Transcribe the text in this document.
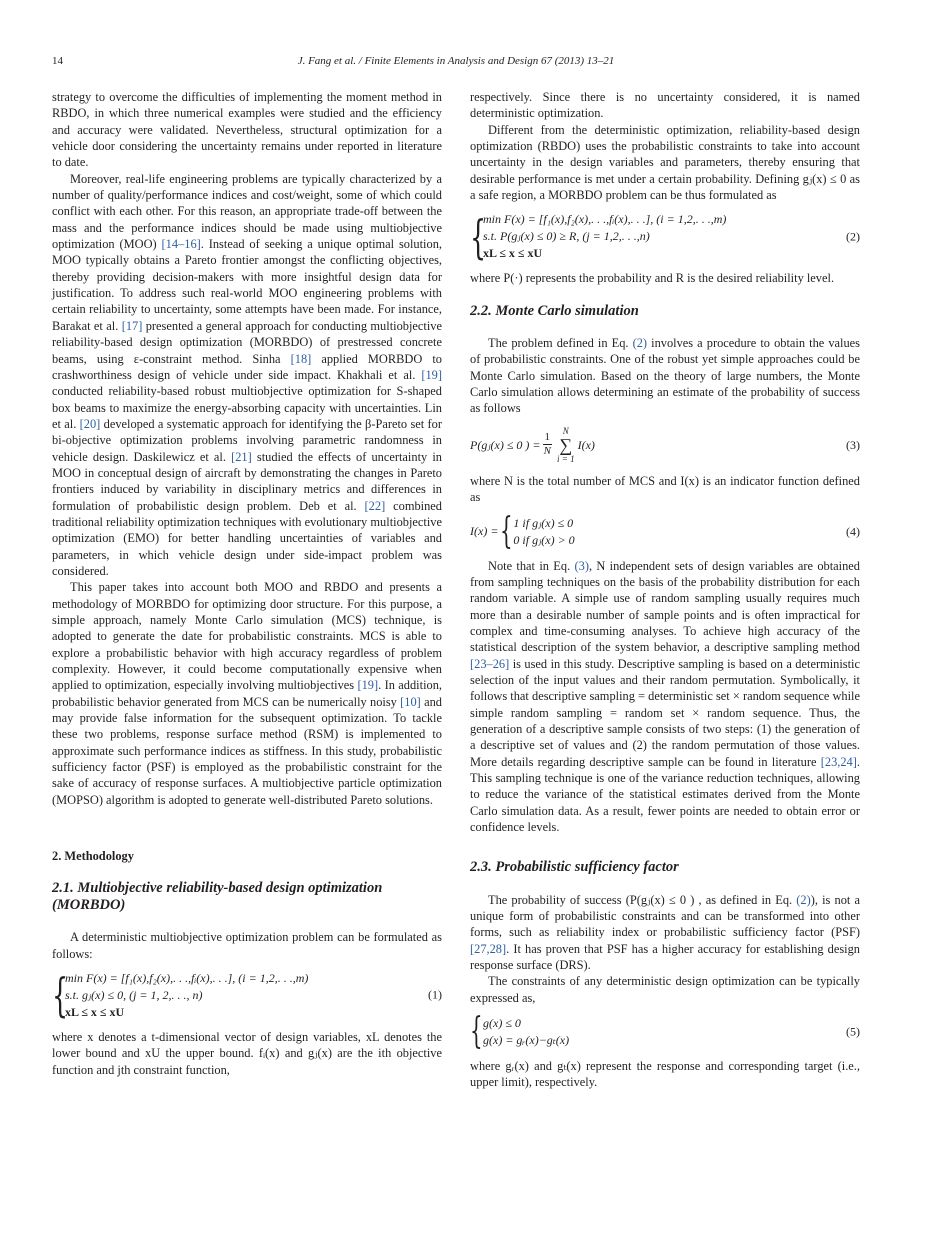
14	J. Fang et al. / Finite Elements in Analysis and Design 67 (2013) 13–21

strategy to overcome the difficulties of implementing the moment method in RBDO, in which three numerical examples were studied and the efficiency and accuracy were validated. Nevertheless, structural optimization for a vehicle door considering the uncertainty remains under reported in literature to date.

Moreover, real-life engineering problems are typically characterized by a number of quality/performance indices and cost/weight, some of which could conflict with each other. For this reason, an appropriate trade-off between the mass and the performance indices should be made using multiobjective optimization (MOO) [14–16]. Instead of seeking a unique optimal solution, MOO typically obtains a Pareto frontier amongst the conflicting objectives, thereby providing decision-makers with more insightful design data for justification. To address such real-world MOO engineering problems with certain reliability to uncertainty, some attempts have been made. For instance, Barakat et al. [17] presented a general approach for conducting multiobjective reliability-based design optimization (MORBDO) of prestressed concrete beams, using ε-constraint method. Sinha [18] applied MORBDO to crashworthiness design of vehicle under side impact. Khakhali et al. [19] conducted reliability-based robust multiobjective optimization for S-shaped box beams to maximize the energy-absorbing capacity with uncertainties. Lin et al. [20] developed a systematic approach for identifying the β-Pareto set for bi-objective optimization problems involving parametric randomness in vehicle design. Daskilewicz et al. [21] studied the effects of uncertainty in MOO in conceptual design of aircraft by demonstrating the changes in Pareto frontiers induced by variability in disciplinary metrics and differences in formulation of probabilistic design problem. Deb et al. [22] combined traditional reliability optimization techniques with evolutionary multiobjective optimization (EMO) for better handling uncertainties of variables and parameters, in which vehicle design under side-impact problem was considered.

This paper takes into account both MOO and RBDO and presents a methodology of MORBDO for optimizing door structure. For this purpose, a simple approach, namely Monte Carlo simulation (MCS) technique, is adopted to generate the date for probabilistic constraints. MCS is able to explore a probabilistic behavior with high accuracy regardless of problem complexity. However, it could become computationally expensive when applied to optimization, especially involving multiobjectives [19]. In addition, probabilistic behavior generated from MCS can be numerically noisy [10] and may provide false information for the subsequent optimization. To tackle these two problems, response surface method (RSM) is implemented to approximate such performance indices as stiffness. In this study, probabilistic sufficiency factor (PSF) is employed as the probabilistic constraint for the sake of accuracy of response surfaces. A multiobjective particle optimization (MOPSO) algorithm is adopted to generate well-distributed Pareto solutions.

2. Methodology
2.1. Multiobjective reliability-based design optimization (MORBDO)

A deterministic multiobjective optimization problem can be formulated as follows:

{
min F(x) = [f₁(x),f₂(x),. . .,fᵢ(x),. . .], (i = 1,2,. . .,m)
s.t. gⱼ(x) ≤ 0, (j = 1, 2,. . ., n)
xL ≤ x ≤ xU
(1)

where x denotes a t-dimensional vector of design variables, xL denotes the lower bound and xU the upper bound. fᵢ(x) and gⱼ(x) are the ith objective function and jth constraint function,

respectively. Since there is no uncertainty considered, it is named deterministic optimization.

Different from the deterministic optimization, reliability-based design optimization (RBDO) uses the probabilistic constraints to take into account uncertainty in the design variables and parameters, thereby ensuring that desirable performance is met under a certain probability. Defining gⱼ(x) ≤ 0 as a safe region, a MORBDO problem can be thus formulated as

{
min F(x) = [f₁(x),f₂(x),. . .,fᵢ(x),. . .], (i = 1,2,. . .,m)
s.t. P(gⱼ(x) ≤ 0) ≥ R, (j = 1,2,. . .,n)
xL ≤ x ≤ xU
(2)

where P(·) represents the probability and R is the desired reliability level.

2.2. Monte Carlo simulation

The problem defined in Eq. (2) involves a procedure to obtain the values of probabilistic constraints. One of the robust yet simple approaches could be Monte Carlo simulation. Based on the theory of large numbers, the Monte Carlo simulation allows determining an estimate of the probability of success as follows

P(gⱼ(x) ≤ 0 ) = $\frac{1}{N}$
N
∑
i = 1
I(x)	(3)

where N is the total number of MCS and I(x) is an indicator function defined as

I(x) = { 1 if gⱼ(x) ≤ 0
0 if gⱼ(x) > 0
(4)

Note that in Eq. (3), N independent sets of design variables are obtained from sampling techniques on the basis of the probability distribution for each random variable. A simple use of random sampling usually requires much more than a desirable number of sample points and is often impractical for complex and time-consuming analyses. To achieve high accuracy of the statistical description of the system behavior, a descriptive sampling method [23–26] is used in this study. Descriptive sampling is based on a deterministic selection of the input values and their random permutation. Symbolically, it follows that descriptive sampling = deterministic set × random sequence while simple random sampling = random set × random sequence. Thus, the generation of a descriptive sample consists of two steps: (1) the generation of a descriptive set of values and (2) the random permutation of those values. More details regarding descriptive sample can be found in literature [23,24]. This sampling technique is one of the variance reduction techniques, allowing to reduce the variance of the statistical estimates derived from the Monte Carlo simulation data. As a result, fewer points are needed to obtain error or confidence levels.

2.3. Probabilistic sufficiency factor

The probability of success (P(gⱼ(x) ≤ 0 ) , as defined in Eq. (2)), is not a unique form of probabilistic constraints and can be transformed into other forms, such as reliability index or probabilistic sufficiency factor (PSF) [27,28]. It has proven that PSF has a higher accuracy for establishing design response surface (DRS).

The constraints of any deterministic design optimization can be typically expressed as,

{ g(x) ≤ 0
g(x) = gᵣ(x)−gₜ(x)
(5)

where gᵣ(x) and gₜ(x) represent the response and corresponding target (i.e., upper limit), respectively.
